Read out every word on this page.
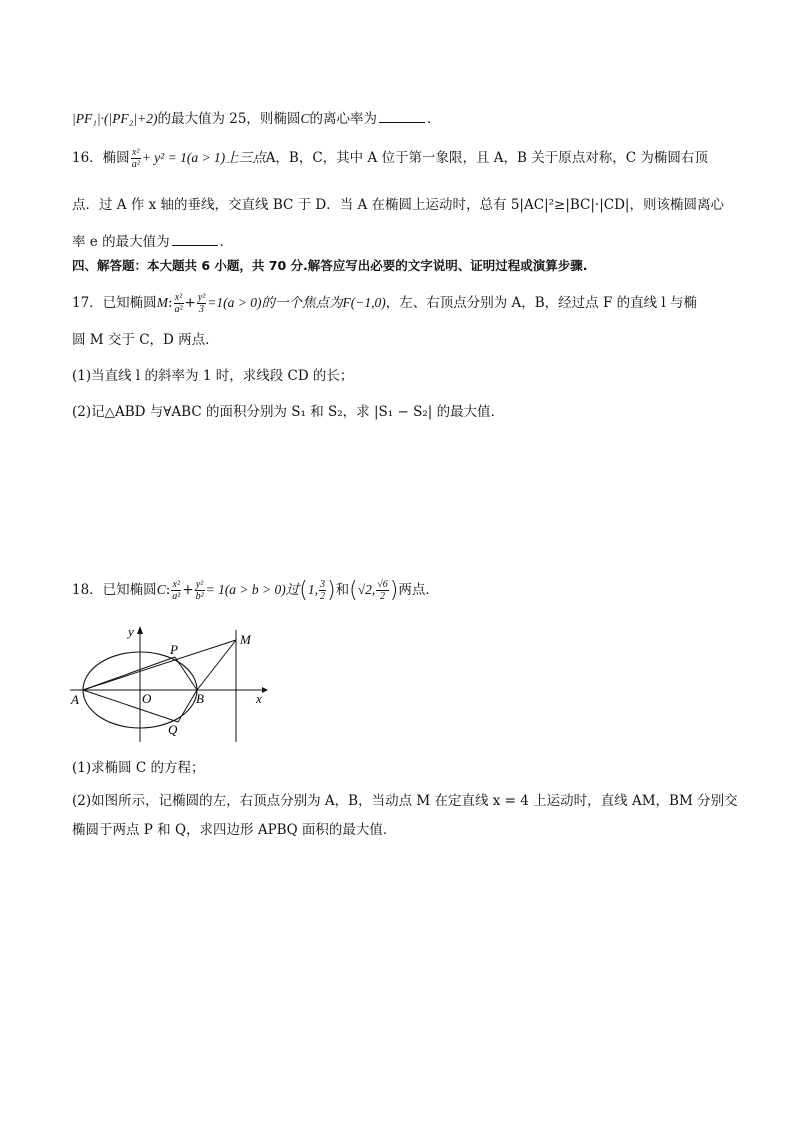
|PF₁|·(|PF₂|+2)的最大值为 25，则椭圆C的离心率为	．
16．椭圆 $\frac{\text{x²}}{\text{a²}} + y^2 = 1(a > 1)$上三点A，B，C，其中 A 位于第一象限，且 A，B 关于原点对称，C 为椭圆右顶
点．过 A 作 x 轴的垂线，交直线 BC 于 D．当 A 在椭圆上运动时，总有 5|AC|²≥|BC|·|CD|，则该椭圆离心
率 e 的最大值为	．
四、解答题：本大题共 6 小题，共 70 分.解答应写出必要的文字说明、证明过程或演算步骤.
17．已知椭圆M: $\frac{\text{x²}}{\text{a²}} + \frac{\text{y²}}{3} =1(a > 0)$的一个焦点为F(−1,0)，左、右顶点分别为 A，B，经过点 F 的直线 l 与椭
圆 M 交于 C，D 两点．
(1)当直线 l 的斜率为 1 时，求线段 CD 的长；
(2)记△ABD 与∀ABC 的面积分别为 S₁ 和 S₂，求 |S₁ − S₂| 的最大值．
18．已知椭圆C: $\frac{\text{x²}}{\text{a²}} + \frac{\text{y²}}{\text{b²}} = 1(a > b > 0)$过(1, $\frac{3}{2}$ )和(√2, $\frac{√6}{2}$ )两点．
y
x
A	O	B
P
Q
M
(1)求椭圆 C 的方程；
(2)如图所示，记椭圆的左，右顶点分别为 A，B，当动点 M 在定直线 x = 4 上运动时，直线 AM，BM 分别交
椭圆于两点 P 和 Q，求四边形 APBQ 面积的最大值．
